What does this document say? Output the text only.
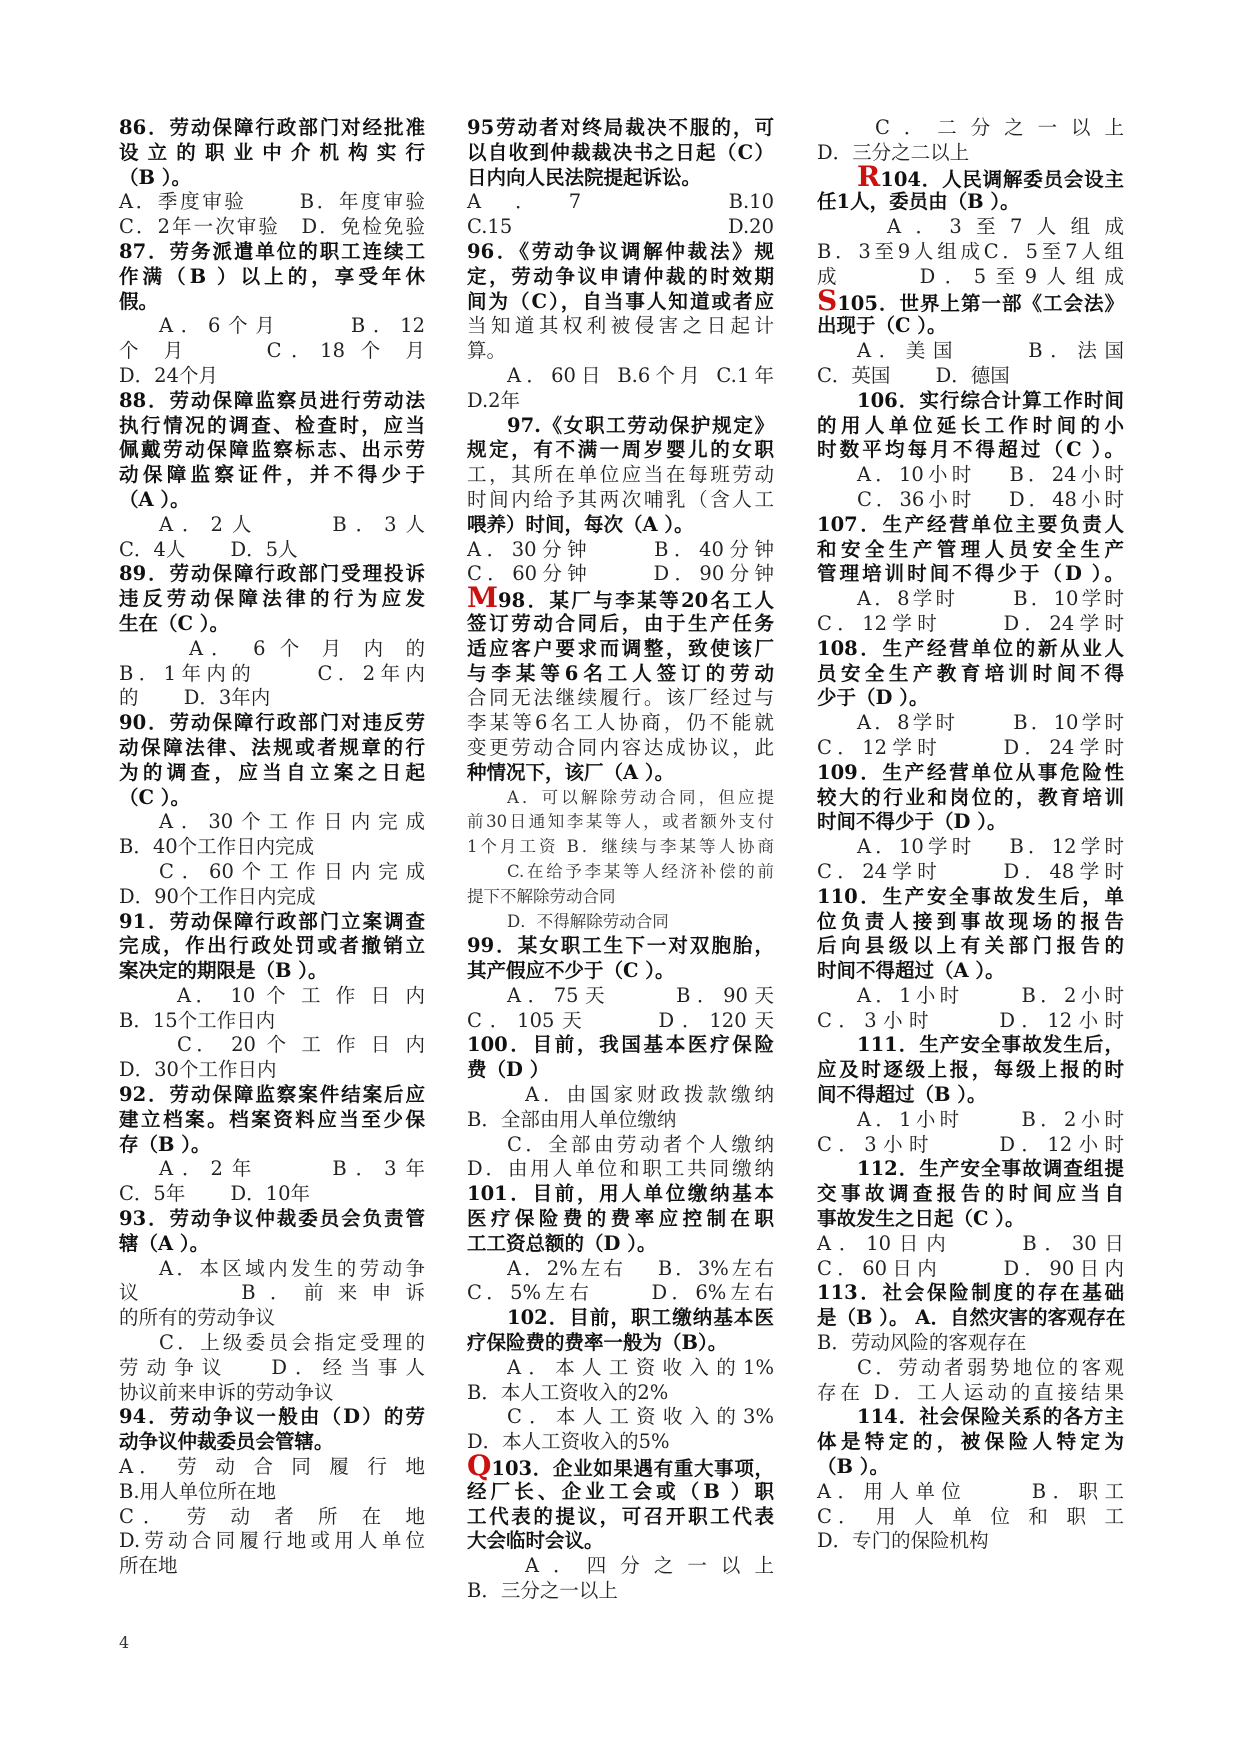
86．劳动保障行政部门对经批准
设立的职业中介机构实行
（B ）。
A．季度审验 　　B．年度审验
C．2年一次审验　D．免检免验
87．劳务派遣单位的职工连续工
作满（B ）以上的，享受年休
假。
A．6个月 　　B．12
个 月 　　C．18 个 月
D．24个月
88．劳动保障监察员进行劳动法
执行情况的调查、检查时，应当
佩戴劳动保障监察标志、出示劳
动保障监察证件，并不得少于
（A ）。
A．2人 　　B．3人
C．4人 　　D．5人
89．劳动保障行政部门受理投诉
违反劳动保障法律的行为应发
生在（C ）。
A． 6 个 月 内 的
B．1年内的 　　C．2年内
的 　　D．3年内
90．劳动保障行政部门对违反劳
动保障法律、法规或者规章的行
为的调查，应当自立案之日起
（C ）。
A．30个工作日内完成
B．40个工作日内完成
C．60个工作日内完成
D．90个工作日内完成
91．劳动保障行政部门立案调查
完成，作出行政处罚或者撤销立
案决定的期限是（B ）。
A． 10 个 工 作 日 内
B．15个工作日内
C． 20 个 工 作 日 内
D．30个工作日内
92．劳动保障监察案件结案后应
建立档案。档案资料应当至少保
存（B ）。
A．2年 　　B．3年
C．5年 　　D．10年
93．劳动争议仲裁委员会负责管
辖（A ）。
A．本区域内发生的劳动争
议 　　B．前来申诉
的所有的劳动争议
C．上级委员会指定受理的
劳动争议 　D．经当事人
协议前来申诉的劳动争议
94．劳动争议一般由（D）的劳
动争议仲裁委员会管辖。
A． 劳 动 合 同 履 行 地
B.用人单位所在地
C． 劳 动 者 所 在 地
D.劳动合同履行地或用人单位
所在地
95劳动者对终局裁决不服的，可
以自收到仲裁裁决书之日起（C）
日内向人民法院提起诉讼。
A．7 　　B.10
C.15 　　D.20
96．《劳动争议调解仲裁法》规
定，劳动争议申请仲裁的时效期
间为（C），自当事人知道或者应
当知道其权利被侵害之日起计
算。
A．60日 B.6个月 C.1年
D.2年
97.《女职工劳动保护规定》
规定，有不满一周岁婴儿的女职
工，其所在单位应当在每班劳动
时间内给予其两次哺乳（含人工
喂养）时间，每次（A ）。
A．30分钟 　　B．40分钟
C．60分钟 　　D．90分钟
M98．某厂与李某等20名工人
签订劳动合同后，由于生产任务
适应客户要求而调整，致使该厂
与李某等6名工人签订的劳动
合同无法继续履行。该厂经过与
李某等6名工人协商，仍不能就
变更劳动合同内容达成协议，此
种情况下，该厂（A ）。
A．可以解除劳动合同，但应提
前30日通知李某等人，或者额外支付
1个月工资 B．继续与李某等人协商
C.在给予李某等人经济补偿的前
提下不解除劳动合同
D．不得解除劳动合同
99．某女职工生下一对双胞胎，
其产假应不少于（C ）。
A．75天 　　B．90天
C．105天 　　D．120天
100．目前，我国基本医疗保险
费（D ）
A．由国家财政拨款缴纳
B．全部由用人单位缴纳
C．全部由劳动者个人缴纳
D．由用人单位和职工共同缴纳
101．目前，用人单位缴纳基本
医疗保险费的费率应控制在职
工工资总额的（D ）。
A．2%左右 　B．3%左右
C．5%左右 　　D．6%左右
102．目前，职工缴纳基本医
疗保险费的费率一般为（B）。
A．本人工资收入的1%
B．本人工资收入的2%
C．本人工资收入的3%
D．本人工资收入的5%
Q103．企业如果遇有重大事项，
经厂长、企业工会或（B ）职
工代表的提议，可召开职工代表
大会临时会议。
A．四分之一以上
B．三分之一以上
C．二分之一以上
D．三分之二以上
R104．人民调解委员会设主
任1人，委员由（B ）。
A．3至7人组成
B．3至9人组成C．5至7人组
成 　　D．5至9人组成
S105．世界上第一部《工会法》
出现于（C ）。
A．美国 　　B．法国
C．英国 　　D．德国
106．实行综合计算工作时间
的用人单位延长工作时间的小
时数平均每月不得超过（C ）。
A．10小时 　B．24小时
C．36小时 　D．48小时
107．生产经营单位主要负责人
和安全生产管理人员安全生产
管理培训时间不得少于（D ）。
A．8学时 　　B．10学时
C．12学时 　　D．24学时
108．生产经营单位的新从业人
员安全生产教育培训时间不得
少于（D ）。
A．8学时 　　B．10学时
C．12学时 　　D．24学时
109．生产经营单位从事危险性
较大的行业和岗位的，教育培训
时间不得少于（D ）。
A．10学时 　B．12学时
C．24学时 　　D．48学时
110．生产安全事故发生后，单
位负责人接到事故现场的报告
后向县级以上有关部门报告的
时间不得超过（A ）。
A．1小时 　　B．2小时
C．3小时 　　D．12小时
111．生产安全事故发生后，
应及时逐级上报，每级上报的时
间不得超过（B ）。
A．1小时 　　B．2小时
C．3小时 　　D．12小时
112．生产安全事故调查组提
交事故调查报告的时间应当自
事故发生之日起（C ）。
A．10日内 　　B．30日
C．60日内 　　D．90日内
113．社会保险制度的存在基础
是（B ）。 A．自然灾害的客观存在
B．劳动风险的客观存在
C．劳动者弱势地位的客观
存在 D．工人运动的直接结果
114．社会保险关系的各方主
体是特定的，被保险人特定为
（B ）。
A．用人单位 　　B．职工
C． 用 人 单 位 和 职 工
D．专门的保险机构
4
